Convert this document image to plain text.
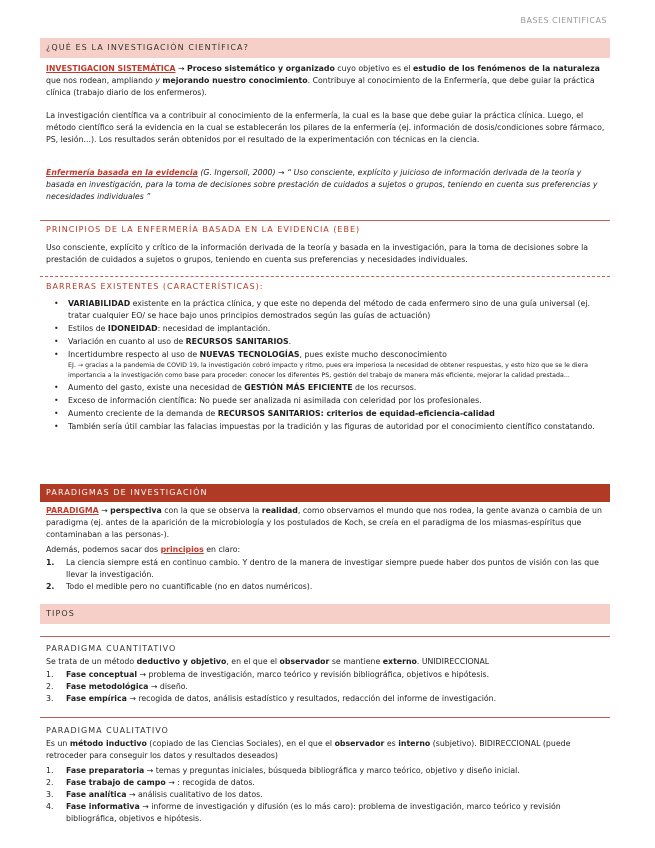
BASES CIENTIFICAS
¿QUÉ ES LA INVESTIGACIÓN CIENTÍFICA?
INVESTIGACION SISTEMÁTICA → Proceso sistemático y organizado cuyo objetivo es el estudio de los fenómenos de la naturaleza que nos rodean, ampliando y mejorando nuestro conocimiento. Contribuye al conocimiento de la Enfermería, que debe guiar la práctica clínica (trabajo diario de los enfermeros).
La investigación científica va a contribuir al conocimiento de la enfermería, la cual es la base que debe guiar la práctica clínica. Luego, el método científico será la evidencia en la cual se establecerán los pilares de la enfermería (ej. información de dosis/condiciones sobre fármaco, PS, lesión...). Los resultados serán obtenidos por el resultado de la experimentación con técnicas en la ciencia.
Enfermería basada en la evidencia (G. Ingersoll, 2000) → “ Uso consciente, explícito y juicioso de información derivada de la teoría y basada en investigación, para la toma de decisiones sobre prestación de cuidados a sujetos o grupos, teniendo en cuenta sus preferencias y necesidades individuales ”
PRINCIPIOS DE LA ENFERMERÍA BASADA EN LA EVIDENCIA (EBE)
Uso consciente, explícito y crítico de la información derivada de la teoría y basada en la investigación, para la toma de decisiones sobre la prestación de cuidados a sujetos o grupos, teniendo en cuenta sus preferencias y necesidades individuales.
BARRERAS EXISTENTES (CARACTERÍSTICAS):
• VARIABILIDAD existente en la práctica clínica, y que este no dependa del método de cada enfermero sino de una guía universal (ej. tratar cualquier EO/ se hace bajo unos principios demostrados según las guías de actuación)
• Estilos de IDONEIDAD: necesidad de implantación.
• Variación en cuanto al uso de RECURSOS SANITARIOS.
• Incertidumbre respecto al uso de NUEVAS TECNOLOGÍAS, pues existe mucho desconocimiento
EJ. → gracias a la pandemia de COVID 19, la investigación cobró impacto y ritmo, pues era imperiosa la necesidad de obtener respuestas, y esto hizo que se le diera importancia a la investigación como base para proceder: conocer los diferentes PS, gestión del trabajo de manera más eficiente, mejorar la calidad prestada...
• Aumento del gasto, existe una necesidad de GESTIÓN MÁS EFICIENTE de los recursos.
• Exceso de información científica: No puede ser analizada ni asimilada con celeridad por los profesionales.
• Aumento creciente de la demanda de RECURSOS SANITARIOS: criterios de equidad-eficiencia-calidad
• También sería útil cambiar las falacias impuestas por la tradición y las figuras de autoridad por el conocimiento científico constatando.
PARADIGMAS DE INVESTIGACIÓN
PARADIGMA → perspectiva con la que se observa la realidad, como observamos el mundo que nos rodea, la gente avanza o cambia de un paradigma (ej. antes de la aparición de la microbiología y los postulados de Koch, se creía en el paradigma de los miasmas-espíritus que contaminaban a las personas-).
Además, podemos sacar dos principios en claro:
1. La ciencia siempre está en continuo cambio. Y dentro de la manera de investigar siempre puede haber dos puntos de visión con las que llevar la investigación.
2. Todo el medible pero no cuantificable (no en datos numéricos).
TIPOS
PARADIGMA CUANTITATIVO
Se trata de un método deductivo y objetivo, en el que el observador se mantiene externo. UNIDIRECCIONAL
1. Fase conceptual → problema de investigación, marco teórico y revisión bibliográfica, objetivos e hipótesis.
2. Fase metodológica → diseño.
3. Fase empírica → recogida de datos, análisis estadístico y resultados, redacción del informe de investigación.
PARADIGMA CUALITATIVO
Es un método inductivo (copiado de las Ciencias Sociales), en el que el observador es interno (subjetivo). BIDIRECCIONAL (puede retroceder para conseguir los datos y resultados deseados)
1. Fase preparatoria → temas y preguntas iniciales, búsqueda bibliográfica y marco teórico, objetivo y diseño inicial.
2. Fase trabajo de campo → : recogida de datos.
3. Fase analítica → análisis cualitativo de los datos.
4. Fase informativa → informe de investigación y difusión (es lo más caro): problema de investigación, marco teórico y revisión bibliográfica, objetivos e hipótesis.
